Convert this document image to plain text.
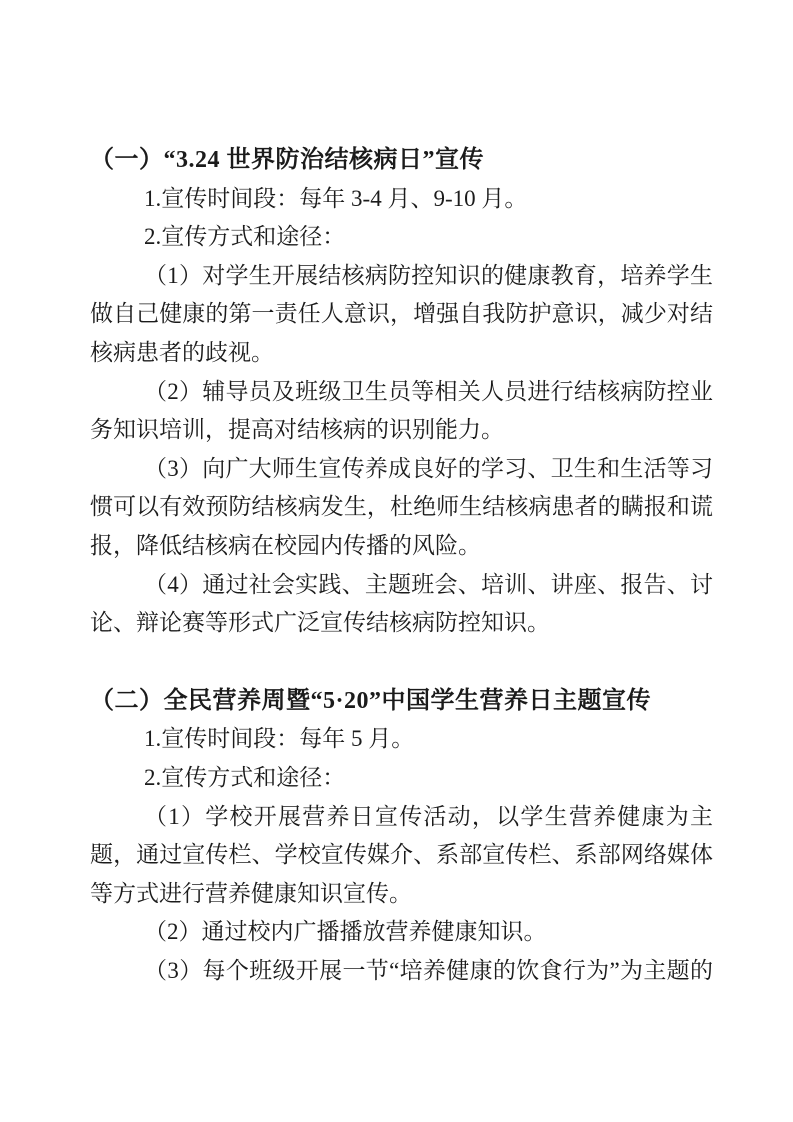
（一）“3.24 世界防治结核病日”宣传

1.宣传时间段：每年 3-4 月、9-10 月。

2.宣传方式和途径：

（1）对学生开展结核病防控知识的健康教育，培养学生做自己健康的第一责任人意识，增强自我防护意识，减少对结核病患者的歧视。

（2）辅导员及班级卫生员等相关人员进行结核病防控业务知识培训，提高对结核病的识别能力。

（3）向广大师生宣传养成良好的学习、卫生和生活等习惯可以有效预防结核病发生，杜绝师生结核病患者的瞒报和谎报，降低结核病在校园内传播的风险。

（4）通过社会实践、主题班会、培训、讲座、报告、讨论、辩论赛等形式广泛宣传结核病防控知识。

（二）全民营养周暨“5·20”中国学生营养日主题宣传

1.宣传时间段：每年 5 月。

2.宣传方式和途径：

（1）学校开展营养日宣传活动，以学生营养健康为主题，通过宣传栏、学校宣传媒介、系部宣传栏、系部网络媒体等方式进行营养健康知识宣传。

（2）通过校内广播播放营养健康知识。

（3）每个班级开展一节“培养健康的饮食行为”为主题的
